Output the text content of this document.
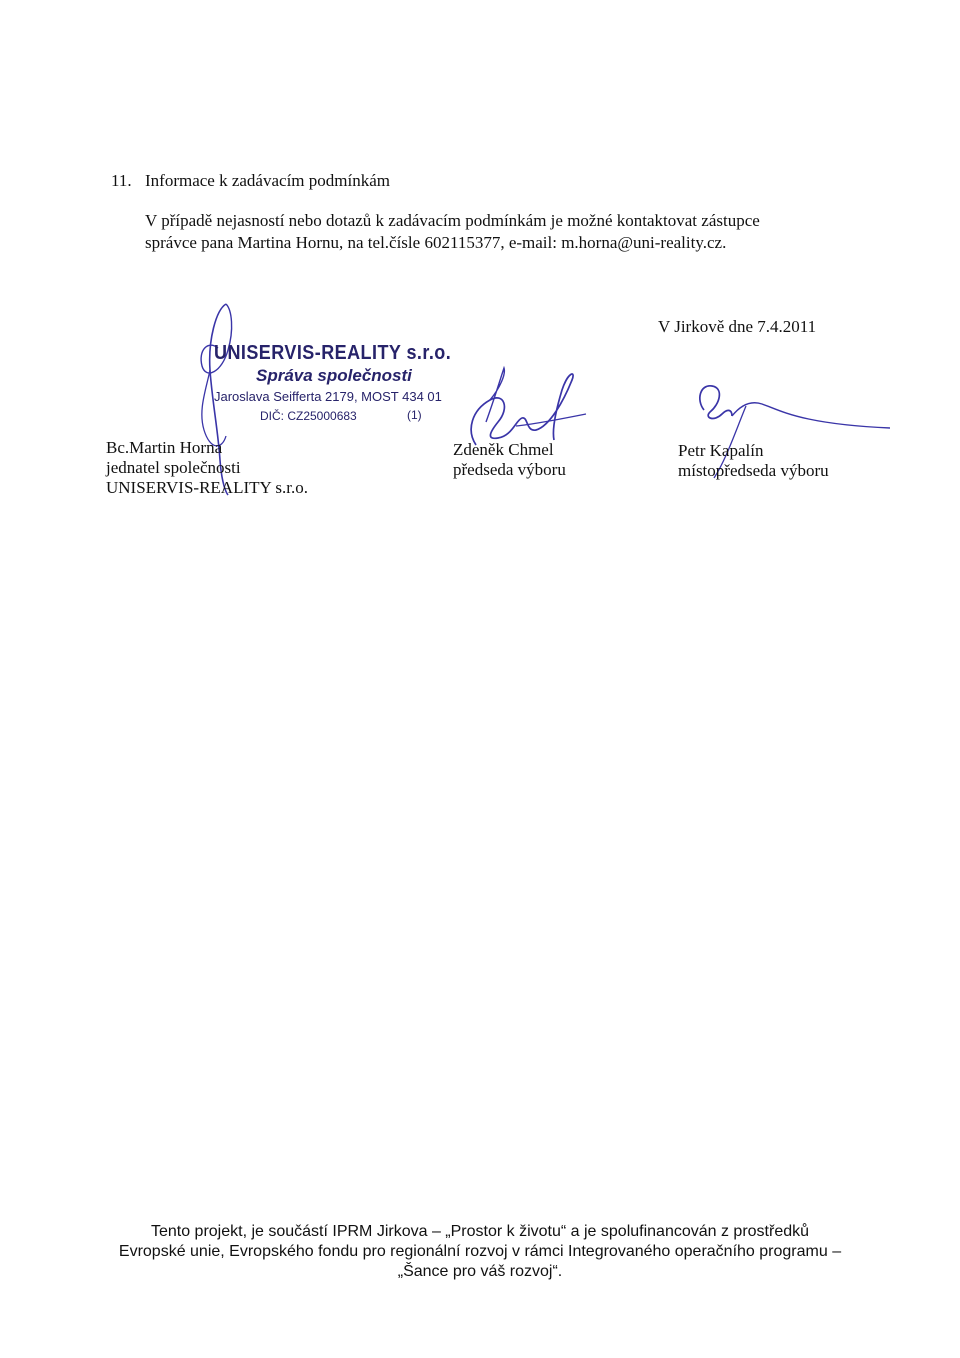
11. Informace k zadávacím podmínkám
V případě nejasností nebo dotazů k zadávacím podmínkám je možné kontaktovat zástupce
správce pana Martina Hornu, na tel.čísle 602115377, e-mail: m.horna@uni-reality.cz.
V Jirkově dne 7.4.2011
UNISERVIS-REALITY s.r.o.
Správa společnosti
Jaroslava Seifferta 2179, MOST 434 01
DIČ: CZ25000683	(1)
Bc.Martin Horna
jednatel společnosti
UNISERVIS-REALITY s.r.o.
Zdeněk Chmel
předseda výboru
Petr Kapalín
místopředseda výboru
Tento projekt, je součástí IPRM Jirkova – „Prostor k životu“ a je spolufinancován z prostředků
Evropské unie, Evropského fondu pro regionální rozvoj v rámci Integrovaného operačního programu –
„Šance pro váš rozvoj“.
